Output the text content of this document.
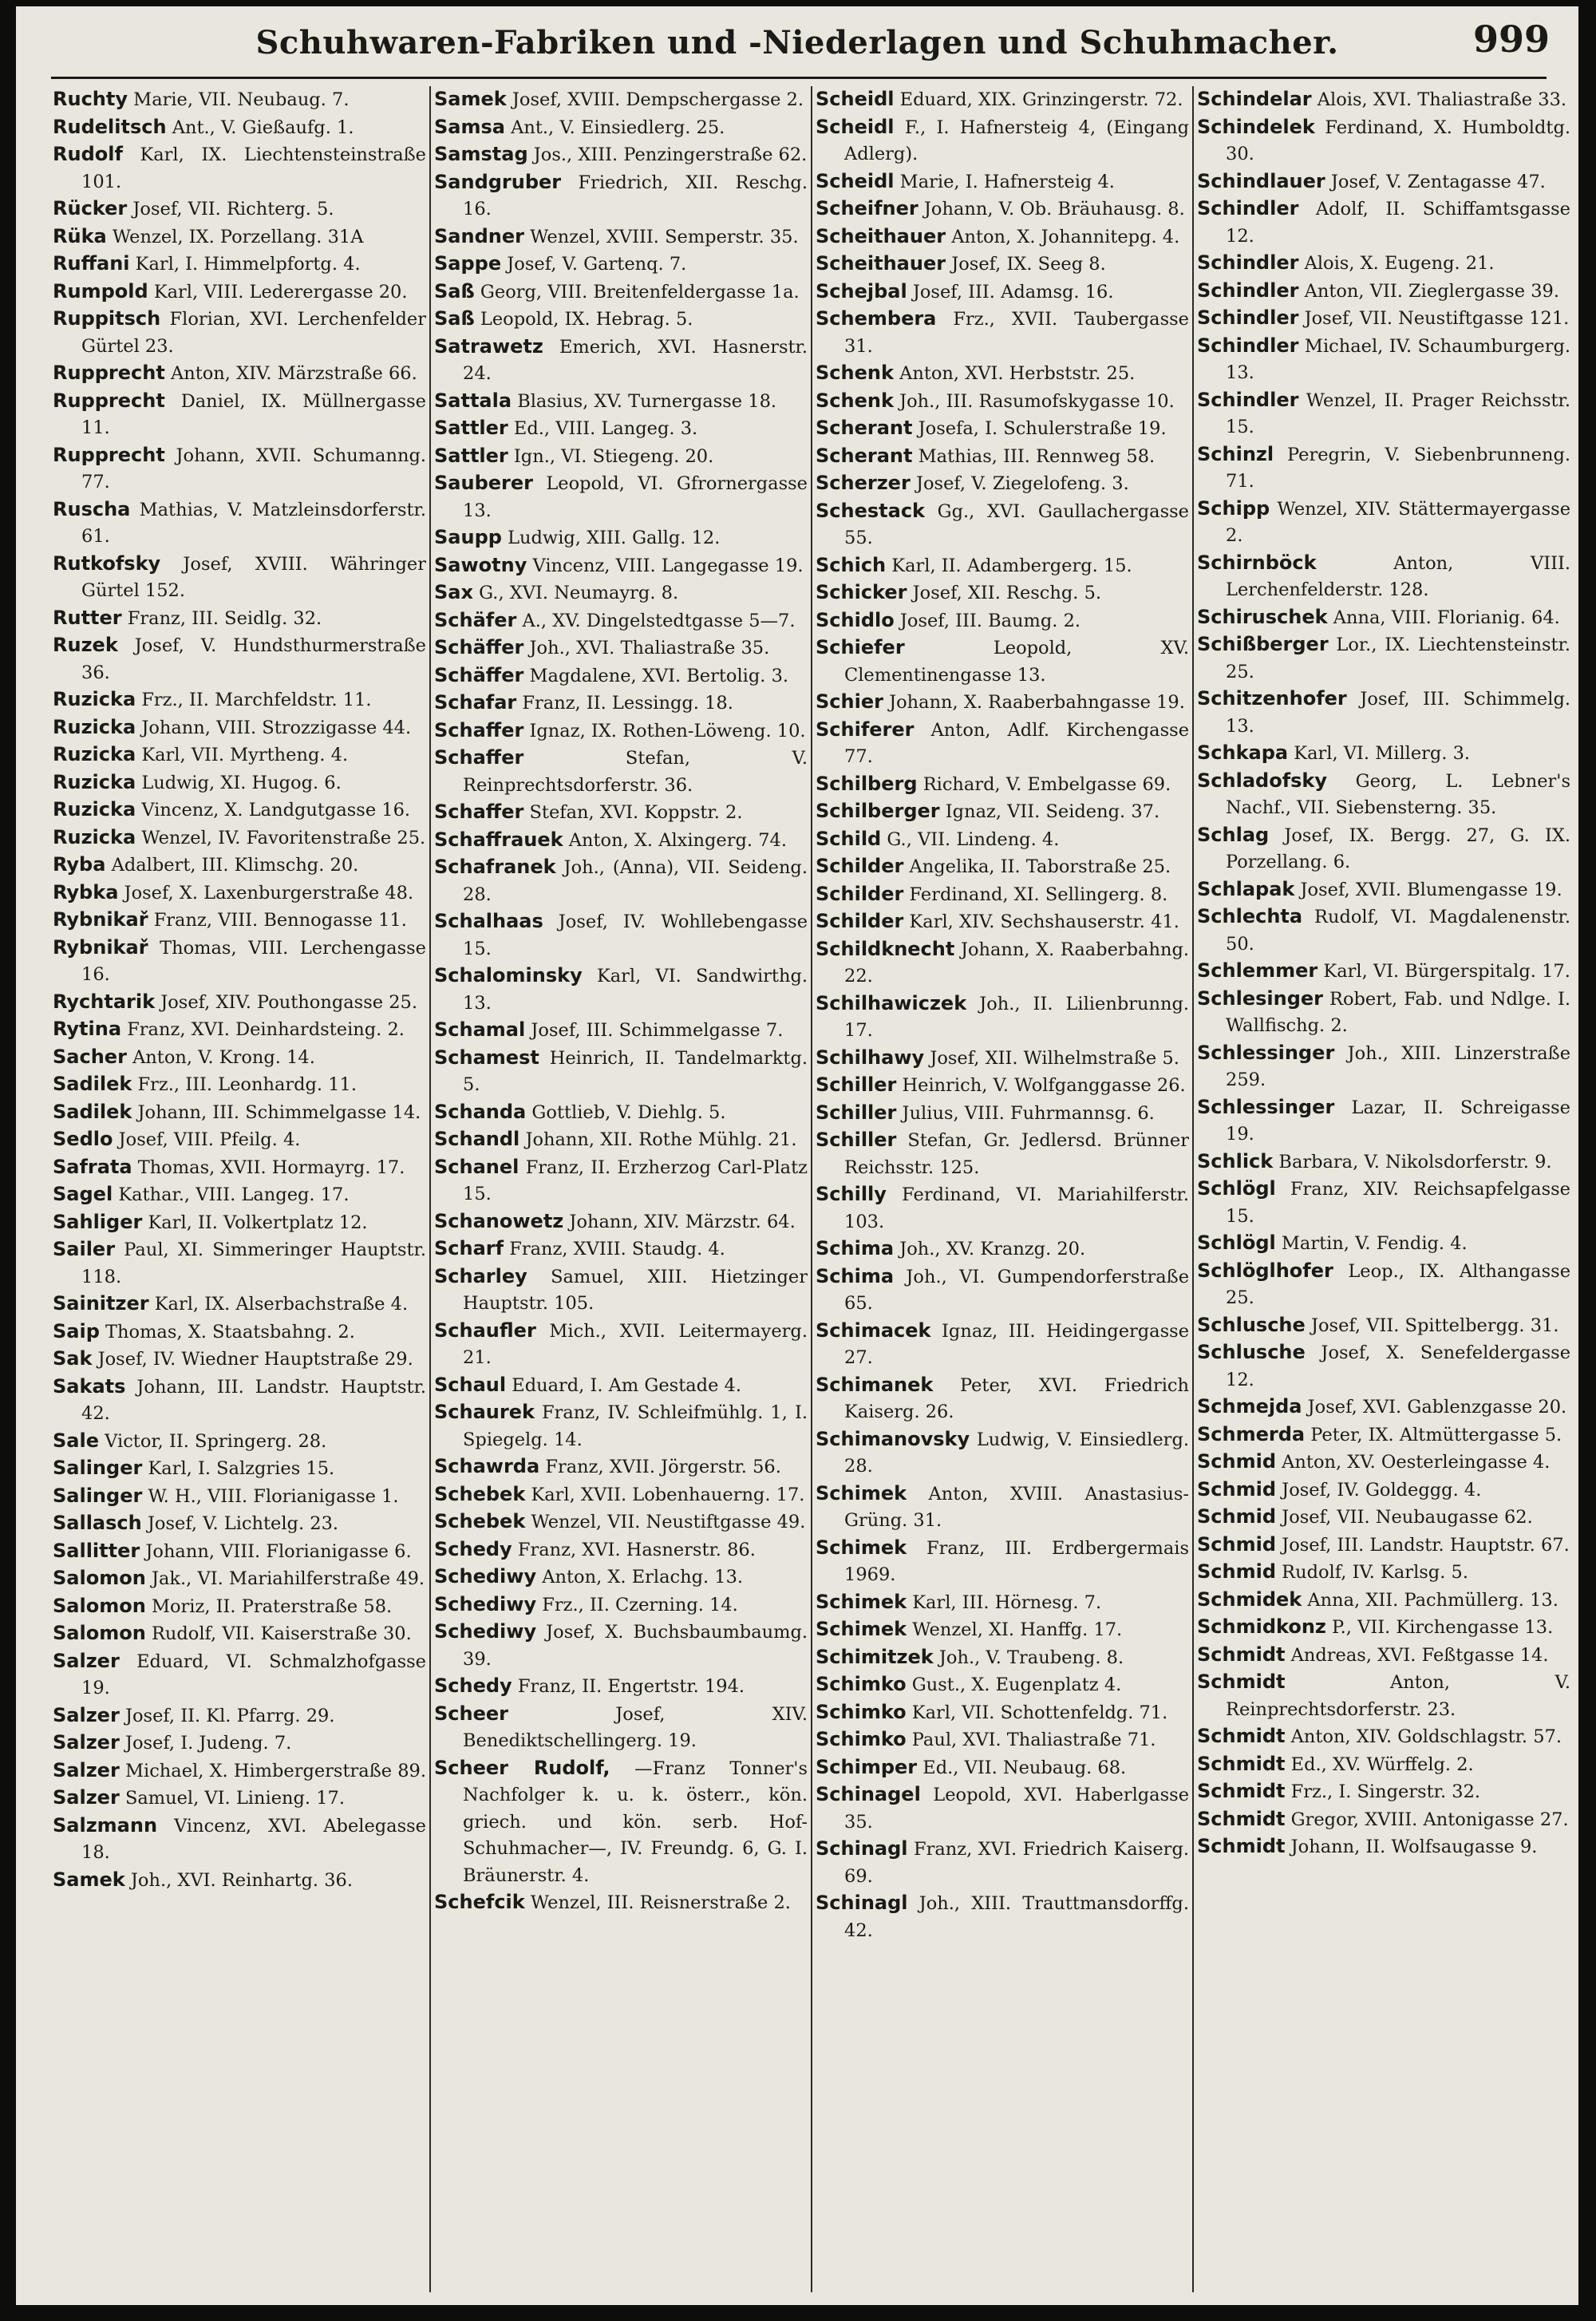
Schuhwaren-Fabriken und -Niederlagen und Schuhmacher.	999
Ruchty Marie, VII. Neubaug. 7.
Rudelitsch Ant., V. Gießaufg. 1.
Rudolf Karl, IX. Liechtensteinstraße 101.
Rücker Josef, VII. Richterg. 5.
Rüka Wenzel, IX. Porzellang. 31A
Ruffani Karl, I. Himmelpfortg. 4.
Rumpold Karl, VIII. Lederergasse 20.
Ruppitsch Florian, XVI. Lerchenfelder Gürtel 23.
Rupprecht Anton, XIV. Märzstraße 66.
Rupprecht Daniel, IX. Müllnergasse 11.
Rupprecht Johann, XVII. Schumanng. 77.
Ruscha Mathias, V. Matzleinsdorferstr. 61.
Rutkofsky Josef, XVIII. Währinger Gürtel 152.
Rutter Franz, III. Seidlg. 32.
Ruzek Josef, V. Hundsthurmerstraße 36.
Ruzicka Frz., II. Marchfeldstr. 11.
Ruzicka Johann, VIII. Strozzigasse 44.
Ruzicka Karl, VII. Myrtheng. 4.
Ruzicka Ludwig, XI. Hugog. 6.
Ruzicka Vincenz, X. Landgutgasse 16.
Ruzicka Wenzel, IV. Favoritenstraße 25.
Ryba Adalbert, III. Klimschg. 20.
Rybka Josef, X. Laxenburgerstraße 48.
Rybnikař Franz, VIII. Bennogasse 11.
Rybnikař Thomas, VIII. Lerchengasse 16.
Rychtarik Josef, XIV. Pouthongasse 25.
Rytina Franz, XVI. Deinhardsteing. 2.
Sacher Anton, V. Krong. 14.
Sadilek Frz., III. Leonhardg. 11.
Sadilek Johann, III. Schimmelgasse 14.
Sedlo Josef, VIII. Pfeilg. 4.
Safrata Thomas, XVII. Hormayrg. 17.
Sagel Kathar., VIII. Langeg. 17.
Sahliger Karl, II. Volkertplatz 12.
Sailer Paul, XI. Simmeringer Hauptstr. 118.
Sainitzer Karl, IX. Alserbachstraße 4.
Saip Thomas, X. Staatsbahng. 2.
Sak Josef, IV. Wiedner Hauptstraße 29.
Sakats Johann, III. Landstr. Hauptstr. 42.
Sale Victor, II. Springerg. 28.
Salinger Karl, I. Salzgries 15.
Salinger W. H., VIII. Florianigasse 1.
Sallasch Josef, V. Lichtelg. 23.
Sallitter Johann, VIII. Florianigasse 6.
Salomon Jak., VI. Mariahilferstraße 49.
Salomon Moriz, II. Praterstraße 58.
Salomon Rudolf, VII. Kaiserstraße 30.
Salzer Eduard, VI. Schmalzhofgasse 19.
Salzer Josef, II. Kl. Pfarrg. 29.
Salzer Josef, I. Judeng. 7.
Salzer Michael, X. Himbergerstraße 89.
Salzer Samuel, VI. Linieng. 17.
Salzmann Vincenz, XVI. Abelegasse 18.
Samek Joh., XVI. Reinhartg. 36.
Samek Josef, XVIII. Dempschergasse 2.
Samsa Ant., V. Einsiedlerg. 25.
Samstag Jos., XIII. Penzingerstraße 62.
Sandgruber Friedrich, XII. Reschg. 16.
Sandner Wenzel, XVIII. Semperstr. 35.
Sappe Josef, V. Gartenq. 7.
Saß Georg, VIII. Breitenfeldergasse 1a.
Saß Leopold, IX. Hebrag. 5.
Satrawetz Emerich, XVI. Hasnerstr. 24.
Sattala Blasius, XV. Turnergasse 18.
Sattler Ed., VIII. Langeg. 3.
Sattler Ign., VI. Stiegeng. 20.
Sauberer Leopold, VI. Gfrornergasse 13.
Saupp Ludwig, XIII. Gallg. 12.
Sawotny Vincenz, VIII. Langegasse 19.
Sax G., XVI. Neumayrg. 8.
Schäfer A., XV. Dingelstedtgasse 5—7.
Schäffer Joh., XVI. Thaliastraße 35.
Schäffer Magdalene, XVI. Bertolig. 3.
Schafar Franz, II. Lessingg. 18.
Schaffer Ignaz, IX. Rothen-Löweng. 10.
Schaffer	Stefan, V. Reinprechtsdorferstr. 36.
Schaffer Stefan, XVI. Koppstr. 2.
Schaffrauek Anton, X. Alxingerg. 74.
Schafranek Joh., (Anna), VII. Seideng. 28.
Schalhaas Josef, IV. Wohllebengasse 15.
Schalominsky Karl, VI. Sandwirthg. 13.
Schamal Josef, III. Schimmelgasse 7.
Schamest Heinrich, II. Tandelmarktg. 5.
Schanda Gottlieb, V. Diehlg. 5.
Schandl Johann, XII. Rothe Mühlg. 21.
Schanel Franz, II. Erzherzog Carl-Platz 15.
Schanowetz Johann, XIV. Märzstr. 64.
Scharf Franz, XVIII. Staudg. 4.
Scharley Samuel, XIII. Hietzinger Hauptstr. 105.
Schaufler Mich., XVII. Leitermayerg. 21.
Schaul Eduard, I. Am Gestade 4.
Schaurek Franz, IV. Schleifmühlg. 1, I. Spiegelg. 14.
Schawrda Franz, XVII. Jörgerstr. 56.
Schebek Karl, XVII. Lobenhauerng. 17.
Schebek Wenzel, VII. Neustiftgasse 49.
Schedy Franz, XVI. Hasnerstr. 86.
Schediwy Anton, X. Erlachg. 13.
Schediwy Frz., II. Czerning. 14.
Schediwy Josef, X. Buchsbaumbaumg. 39.
Schedy Franz, II. Engertstr. 194.
Scheer	Josef, XIV. Benediktschellingerg. 19.
Scheer Rudolf, —Franz Tonner's Nachfolger k. u. k. österr., kön. griech. und kön. serb. Hof-Schuhmacher—, IV. Freundg. 6, G. I. Bräunerstr. 4.
Schefcik Wenzel, III. Reisnerstraße 2.
Scheidl Eduard, XIX. Grinzingerstr. 72.
Scheidl F., I. Hafnersteig 4, (Eingang Adlerg).
Scheidl Marie, I. Hafnersteig 4.
Scheifner Johann, V. Ob. Bräuhausg. 8.
Scheithauer Anton, X. Johannitерg. 4.
Scheithauer Josef, IX. Seeg 8.
Schejbal Josef, III. Adamsg. 16.
Schembera Frz., XVII. Taubergasse 31.
Schenk Anton, XVI. Herbststr. 25.
Schenk Joh., III. Rasumofskygasse 10.
Scherant Josefa, I. Schulerstraße 19.
Scherant Mathias, III. Rennweg 58.
Scherzer Josef, V. Ziegelofeng. 3.
Schestack Gg., XVI. Gaullachergasse 55.
Schich Karl, II. Adambergerg. 15.
Schicker Josef, XII. Reschg. 5.
Schidlo Josef, III. Baumg. 2.
Schiefer	Leopold, XV. Clementinengasse 13.
Schier Johann, X. Raaberbahngasse 19.
Schiferer Anton, Adlf. Kirchengasse 77.
Schilberg Richard, V. Embelgasse 69.
Schilberger Ignaz, VII. Seideng. 37.
Schild G., VII. Lindeng. 4.
Schilder Angelika, II. Taborstraße 25.
Schilder Ferdinand, XI. Sellingerg. 8.
Schilder Karl, XIV. Sechshauserstr. 41.
Schildknecht Johann, X. Raaberbahng. 22.
Schilhawiczek Joh., II. Lilienbrunng. 17.
Schilhawy Josef, XII. Wilhelmstraße 5.
Schiller Heinrich, V. Wolfganggasse 26.
Schiller Julius, VIII. Fuhrmannsg. 6.
Schiller Stefan, Gr. Jedlersd. Brünner Reichsstr. 125.
Schilly Ferdinand, VI. Mariahilferstr. 103.
Schima Joh., XV. Kranzg. 20.
Schima Joh., VI. Gumpendorferstraße 65.
Schimacek Ignaz, III. Heidingergasse 27.
Schimanek Peter, XVI. Friedrich Kaiserg. 26.
Schimanovsky Ludwig, V. Einsiedlerg. 28.
Schimek Anton, XVIII. Anastasius-Grüng. 31.
Schimek Franz, III. Erdbergermais 1969.
Schimek Karl, III. Hörnesg. 7.
Schimek Wenzel, XI. Hanffg. 17.
Schimitzek Joh., V. Traubeng. 8.
Schimko Gust., X. Eugenplatz 4.
Schimko Karl, VII. Schottenfeldg. 71.
Schimko Paul, XVI. Thaliastraße 71.
Schimper Ed., VII. Neubaug. 68.
Schinagel Leopold, XVI. Haberlgasse 35.
Schinagl Franz, XVI. Friedrich Kaiserg. 69.
Schinagl Joh., XIII. Trauttmansdorffg. 42.
Schindelar Alois, XVI. Thaliastraße 33.
Schindelek Ferdinand, X. Humboldtg. 30.
Schindlauer Josef, V. Zentagasse 47.
Schindler Adolf, II. Schiffamtsgasse 12.
Schindler Alois, X. Eugeng. 21.
Schindler Anton, VII. Zieglergasse 39.
Schindler Josef, VII. Neustiftgasse 121.
Schindler Michael, IV. Schaumburgerg. 13.
Schindler Wenzel, II. Prager Reichsstr. 15.
Schinzl Peregrin, V. Siebenbrunneng. 71.
Schipp Wenzel, XIV. Stättermayergasse 2.
Schirnböck	Anton, VIII. Lerchenfelderstr. 128.
Schiruschek Anna, VIII. Florianig. 64.
Schißberger Lor., IX. Liechtensteinstr. 25.
Schitzenhofer Josef, III. Schimmelg. 13.
Schkapa Karl, VI. Millerg. 3.
Schladofsky Georg, L. Lebner's Nachf., VII. Siebensterng. 35.
Schlag Josef, IX. Bergg. 27, G. IX. Porzellang. 6.
Schlapak Josef, XVII. Blumengasse 19.
Schlechta Rudolf, VI. Magdalenenstr. 50.
Schlemmer Karl, VI. Bürgerspitalg. 17.
Schlesinger Robert, Fab. und Ndlge. I. Wallfischg. 2.
Schlessinger Joh., XIII. Linzerstraße 259.
Schlessinger Lazar, II. Schreigasse 19.
Schlick Barbara, V. Nikolsdorferstr. 9.
Schlögl Franz, XIV. Reichsapfelgasse 15.
Schlögl Martin, V. Fendig. 4.
Schlöglhofer Leop., IX. Althangasse 25.
Schlusche Josef, VII. Spittelbergg. 31.
Schlusche Josef, X. Senefeldergasse 12.
Schmejda Josef, XVI. Gablenzgasse 20.
Schmerda Peter, IX. Altmüttergasse 5.
Schmid Anton, XV. Oesterleingasse 4.
Schmid Josef, IV. Goldeggg. 4.
Schmid Josef, VII. Neubaugasse 62.
Schmid Josef, III. Landstr. Hauptstr. 67.
Schmid Rudolf, IV. Karlsg. 5.
Schmidek Anna, XII. Pachmüllerg. 13.
Schmidkonz P., VII. Kirchengasse 13.
Schmidt Andreas, XVI. Feßtgasse 14.
Schmidt	Anton, V. Reinprechtsdorferstr. 23.
Schmidt Anton, XIV. Goldschlagstr. 57.
Schmidt Ed., XV. Würffelg. 2.
Schmidt Frz., I. Singerstr. 32.
Schmidt Gregor, XVIII. Antonigasse 27.
Schmidt Johann, II. Wolfsaugasse 9.
